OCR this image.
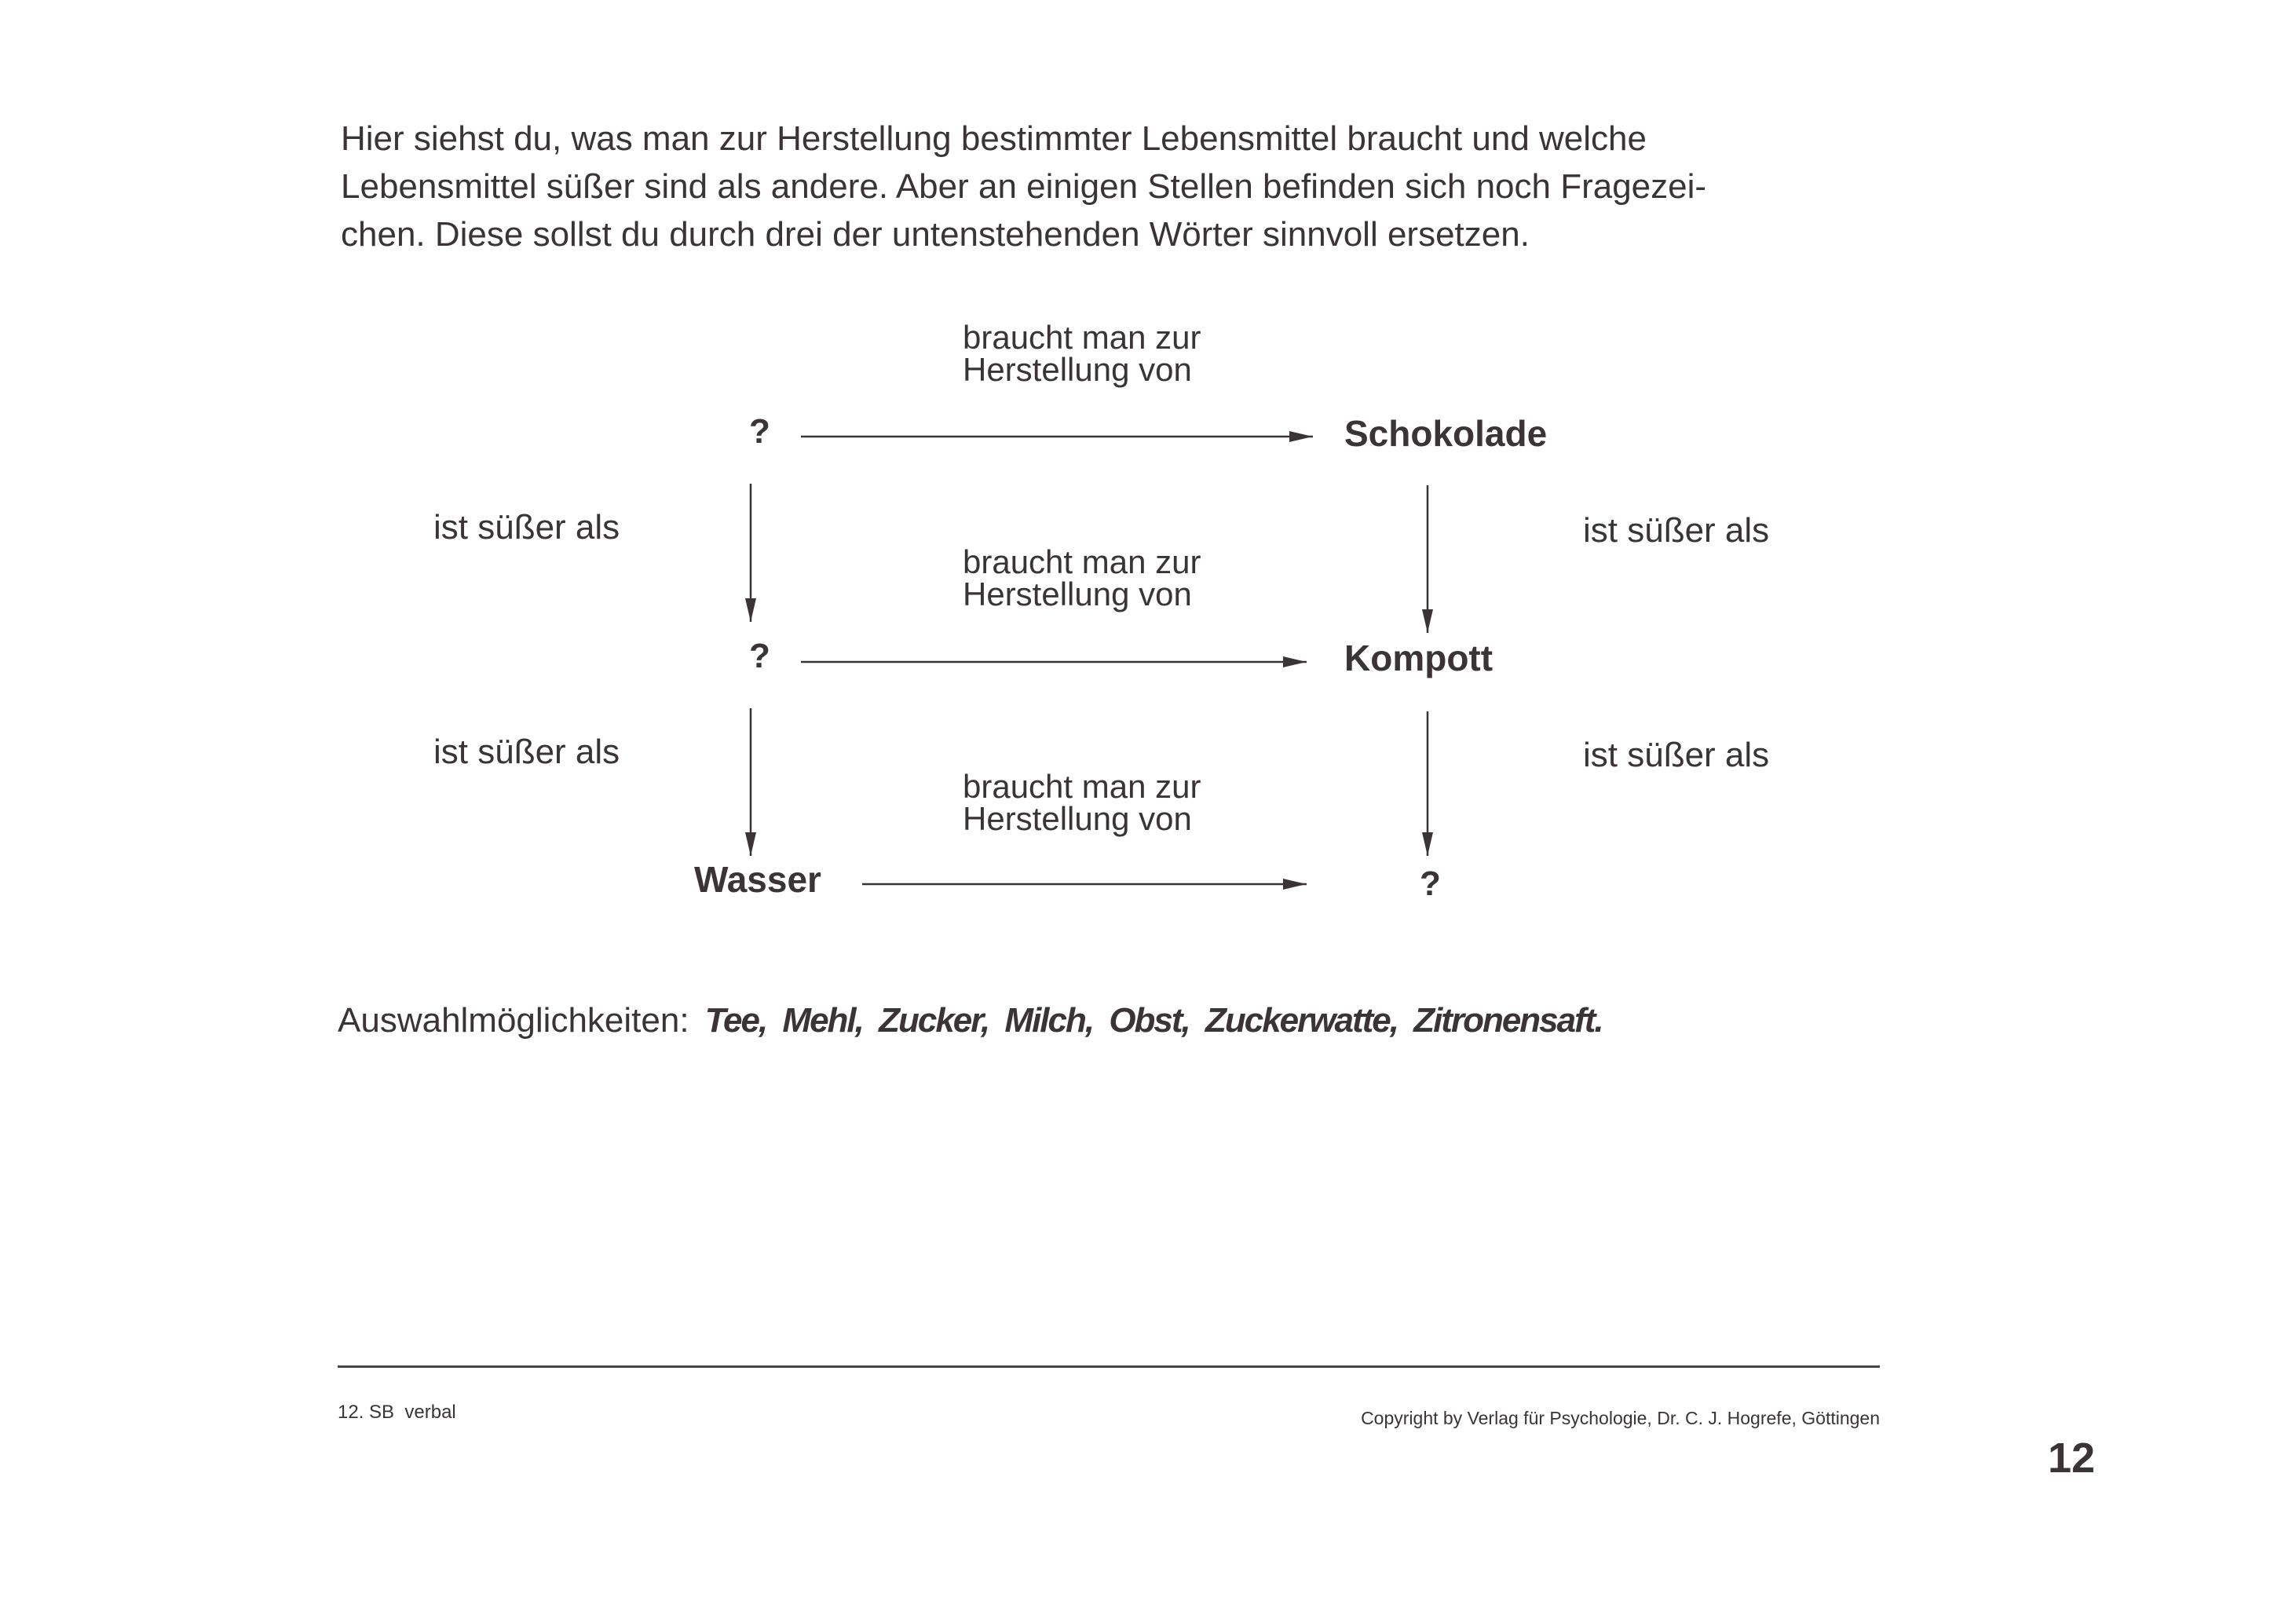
Hier siehst du, was man zur Herstellung bestimmter Lebensmittel braucht und welche
Lebensmittel süßer sind als andere. Aber an einigen Stellen befinden sich noch Fragezei-
chen. Diese sollst du durch drei der untenstehenden Wörter sinnvoll ersetzen.
braucht man zur
Herstellung von
?	Schokolade
ist süßer als	ist süßer als
braucht man zur
Herstellung von
?	Kompott
ist süßer als	ist süßer als
braucht man zur
Herstellung von
Wasser	?
Auswahlmöglichkeiten: Tee, Mehl, Zucker, Milch, Obst, Zuckerwatte, Zitronensaft.
12. SB  verbal	Copyright by Verlag für Psychologie, Dr. C. J. Hogrefe, Göttingen
12
